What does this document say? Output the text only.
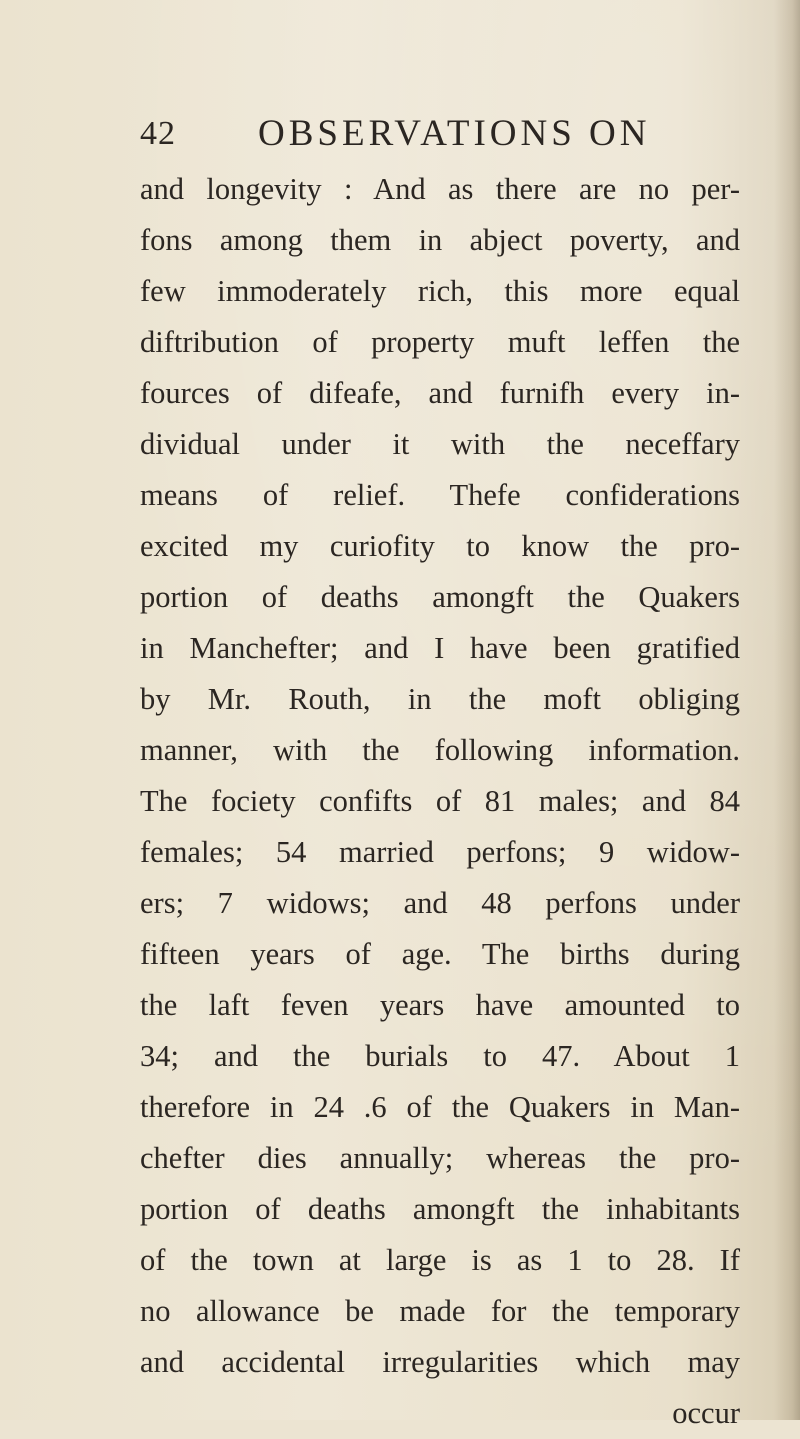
42 OBSERVATIONS ON
and longevity : And as there are no per-
fons among them in abject poverty, and
few immoderately rich, this more equal
diftribution of property muft leffen the
fources of difeafe, and furnifh every in-
dividual under it with the neceffary
means of relief. Thefe confiderations
excited my curiofity to know the pro-
portion of deaths amongft the Quakers
in Manchefter; and I have been gratified
by Mr. Routh, in the moft obliging
manner, with the following information.
The fociety confifts of 81 males; and 84
females; 54 married perfons; 9 widow-
ers; 7 widows; and 48 perfons under
fifteen years of age. The births during
the laft feven years have amounted to
34; and the burials to 47. About 1
therefore in 24 .6 of the Quakers in Man-
chefter dies annually; whereas the pro-
portion of deaths amongft the inhabitants
of the town at large is as 1 to 28. If
no allowance be made for the temporary
and accidental irregularities which may
occur
